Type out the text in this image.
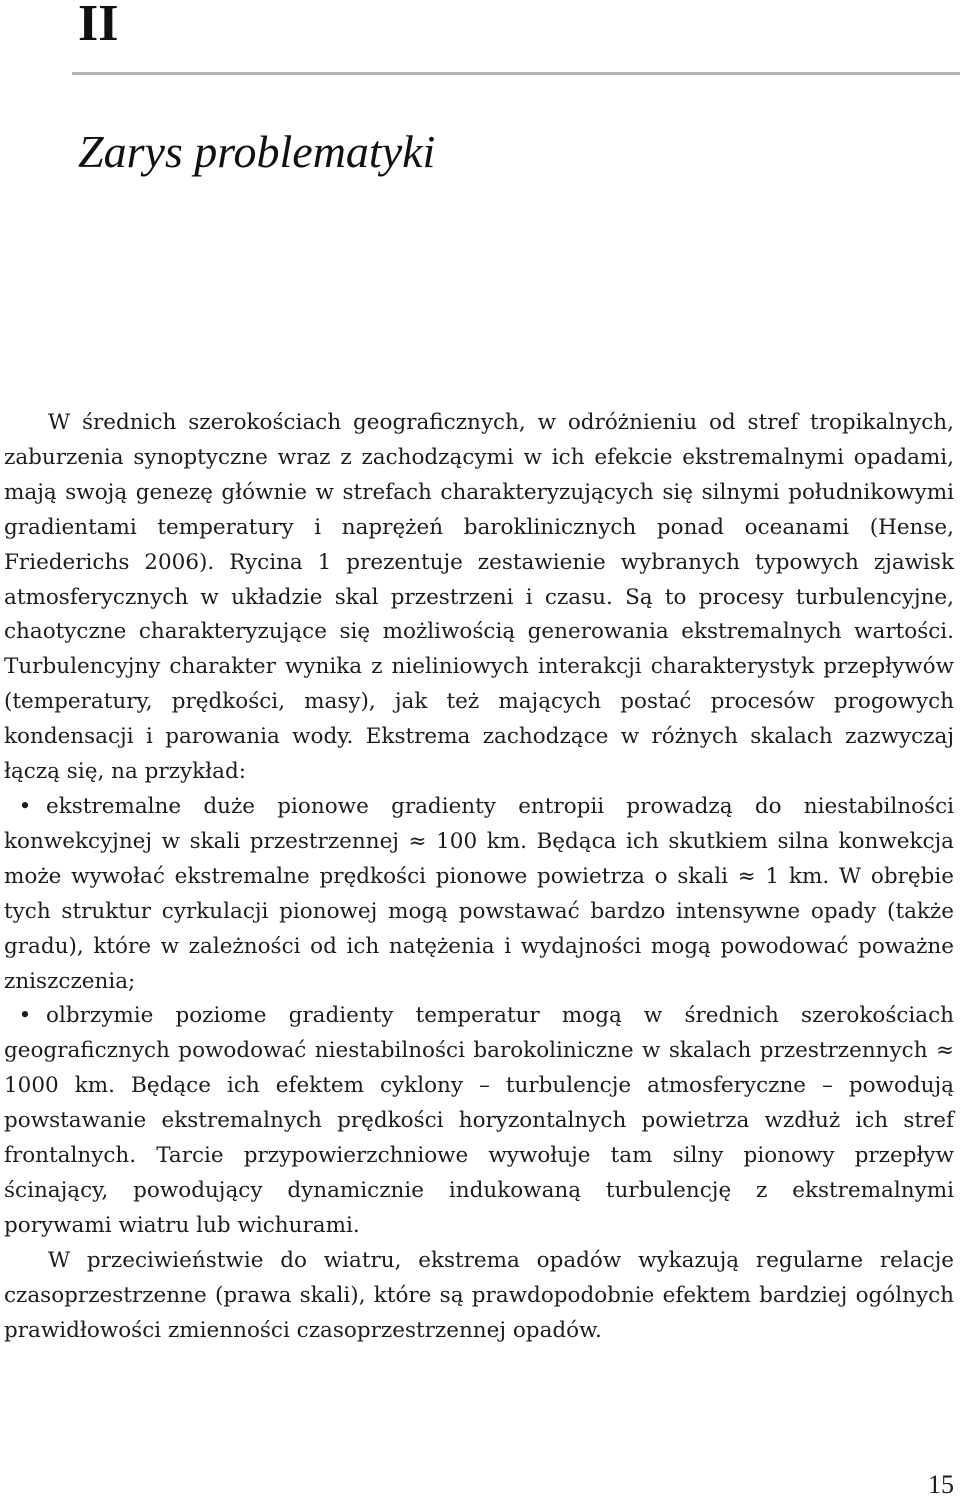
II
Zarys problematyki

W średnich szerokościach geograficznych, w odróżnieniu od stref tropikalnych, zaburzenia synoptyczne wraz z zachodzącymi w ich efekcie ekstremalnymi opadami, mają swoją genezę głównie w strefach charakteryzujących się silnymi południkowymi gradientami temperatury i naprężeń baroklinicznych ponad oceanami (Hense, Friederichs 2006). Rycina 1 prezentuje zestawienie wybranych typowych zjawisk atmosferycznych w układzie skal przestrzeni i czasu. Są to procesy turbulencyjne, chaotyczne charakteryzujące się możliwością generowania ekstremalnych wartości. Turbulencyjny charakter wynika z nieliniowych interakcji charakterystyk przepływów (temperatury, prędkości, masy), jak też mających postać procesów progowych kondensacji i parowania wody. Ekstrema zachodzące w różnych skalach zazwyczaj łączą się, na przykład:

• ekstremalne duże pionowe gradienty entropii prowadzą do niestabilności konwekcyjnej w skali przestrzennej ≈ 100 km. Będąca ich skutkiem silna konwekcja może wywołać ekstremalne prędkości pionowe powietrza o skali ≈ 1 km. W obrębie tych struktur cyrkulacji pionowej mogą powstawać bardzo intensywne opady (także gradu), które w zależności od ich natężenia i wydajności mogą powodować poważne zniszczenia;

• olbrzymie poziome gradienty temperatur mogą w średnich szerokościach geograficznych powodować niestabilności barokoliniczne w skalach przestrzennych ≈ 1000 km. Będące ich efektem cyklony – turbulencje atmosferyczne – powodują powstawanie ekstremalnych prędkości horyzontalnych powietrza wzdłuż ich stref frontalnych. Tarcie przypowierzchniowe wywołuje tam silny pionowy przepływ ścinający, powodujący dynamicznie indukowaną turbulencję z ekstremalnymi porywami wiatru lub wichurami.

W przeciwieństwie do wiatru, ekstrema opadów wykazują regularne relacje czasoprzestrzenne (prawa skali), które są prawdopodobnie efektem bardziej ogólnych prawidłowości zmienności czasoprzestrzennej opadów.

15
